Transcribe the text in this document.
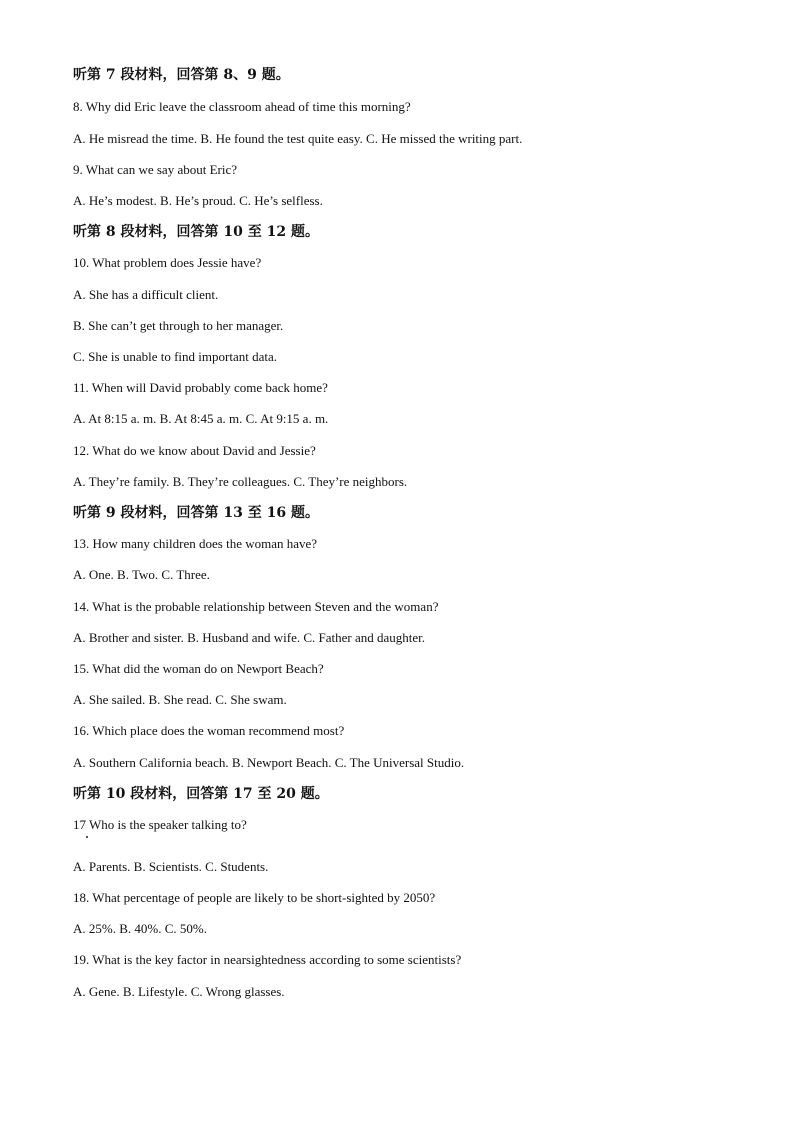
听第 7 段材料，回答第 8、9 题。
8. Why did Eric leave the classroom ahead of time this morning?
A. He misread the time. B. He found the test quite easy. C. He missed the writing part.
9. What can we say about Eric?
A. He’s modest. B. He’s proud. C. He’s selfless.
听第 8 段材料，回答第 10 至 12 题。
10. What problem does Jessie have?
A. She has a difficult client.
B. She can’t get through to her manager.
C. She is unable to find important data.
11. When will David probably come back home?
A. At 8:15 a. m. B. At 8:45 a. m. C. At 9:15 a. m.
12. What do we know about David and Jessie?
A. They’re family. B. They’re colleagues. C. They’re neighbors.
听第 9 段材料，回答第 13 至 16 题。
13. How many children does the woman have?
A. One. B. Two. C. Three.
14. What is the probable relationship between Steven and the woman?
A. Brother and sister. B. Husband and wife. C. Father and daughter.
15. What did the woman do on Newport Beach?
A. She sailed. B. She read. C. She swam.
16. Which place does the woman recommend most?
A. Southern California beach. B. Newport Beach. C. The Universal Studio.
听第 10 段材料，回答第 17 至 20 题。
17 Who is the speaker talking to?
A. Parents. B. Scientists. C. Students.
18. What percentage of people are likely to be short-sighted by 2050?
A. 25%. B. 40%. C. 50%.
19. What is the key factor in nearsightedness according to some scientists?
A. Gene. B. Lifestyle. C. Wrong glasses.
